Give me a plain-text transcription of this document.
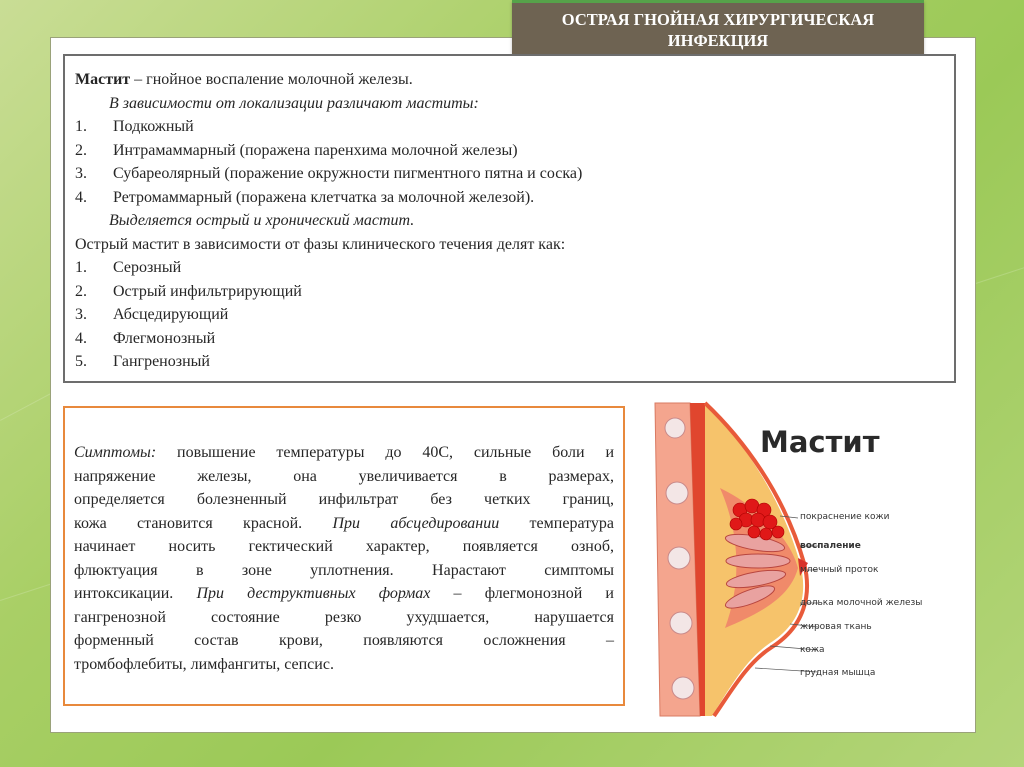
ОСТРАЯ ГНОЙНАЯ ХИРУРГИЧЕСКАЯ
ИНФЕКЦИЯ
Мастит – гнойное воспаление молочной железы.
В зависимости от локализации различают маститы:
1. Подкожный
2. Интрамаммарный (поражена паренхима молочной железы)
3. Субареолярный (поражение окружности пигментного пятна и соска)
4. Ретромаммарный (поражена клетчатка за молочной железой).
Выделяется острый и хронический мастит.
Острый мастит в зависимости от фазы клинического течения делят как:
1. Серозный
2. Острый инфильтрирующий
3. Абсцедирующий
4. Флегмонозный
5. Гангренозный
Симптомы: повышение температуры до 40С, сильные боли и
напряжение железы, она увеличивается в размерах,
определяется болезненный инфильтрат без четких границ,
кожа становится красной. При абсцедировании температура
начинает носить гектический характер, появляется озноб,
флюктуация в зоне уплотнения. Нарастают симптомы
интоксикации. При деструктивных формах – флегмонозной и
гангренозной состояние резко ухудшается, нарушается
форменный состав крови, появляются осложнения –
тромбофлебиты, лимфангиты, сепсис.
Мастит
покраснение кожи
воспаление
млечный проток
долька молочной железы
жировая ткань
кожа
грудная мышца
